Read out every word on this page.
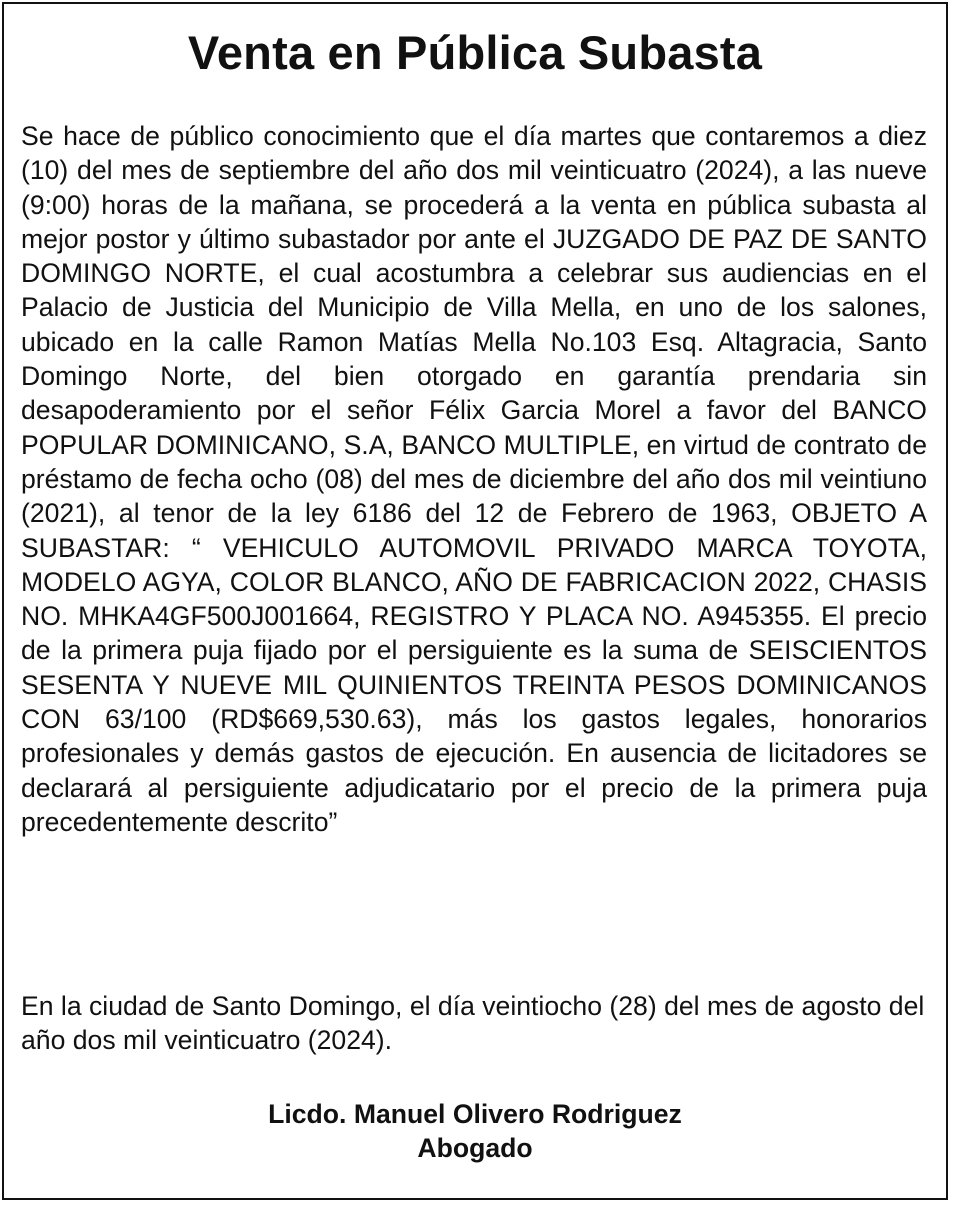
Venta en Pública Subasta

Se hace de público conocimiento que el día martes que contaremos a diez (10) del mes de septiembre del año dos mil veinticuatro (2024), a las nueve (9:00) horas de la mañana, se procederá a la venta en pública subasta al mejor postor y último subastador por ante el JUZGADO DE PAZ DE SANTO DOMINGO NORTE, el cual acostumbra a celebrar sus audiencias en el Palacio de Justicia del Municipio de Villa Mella, en uno de los salones, ubicado en la calle Ramon Matías Mella No.103 Esq. Altagracia, Santo Domingo Norte, del bien otorgado en garantía prendaria sin desapoderamiento por el señor Félix Garcia Morel a favor del BANCO POPULAR DOMINICANO, S.A, BANCO MULTIPLE, en virtud de contrato de préstamo de fecha ocho (08) del mes de diciembre del año dos mil veintiuno (2021), al tenor de la ley 6186 del 12 de Febrero de 1963, OBJETO A SUBASTAR: “ VEHICULO AUTOMOVIL PRIVADO MARCA TOYOTA, MODELO AGYA, COLOR BLANCO, AÑO DE FABRICACION 2022, CHASIS NO. MHKA4GF500J001664, REGISTRO Y PLACA NO. A945355. El precio de la primera puja fijado por el persiguiente es la suma de SEISCIENTOS SESENTA Y NUEVE MIL QUINIENTOS TREINTA PESOS DOMINICANOS CON 63/100 (RD$669,530.63), más los gastos legales, honorarios profesionales y demás gastos de ejecución. En ausencia de licitadores se declarará al persiguiente adjudicatario por el precio de la primera puja precedentemente descrito”

En la ciudad de Santo Domingo, el día veintiocho (28) del mes de agosto del año dos mil veinticuatro (2024).

Licdo. Manuel Olivero Rodriguez
Abogado
